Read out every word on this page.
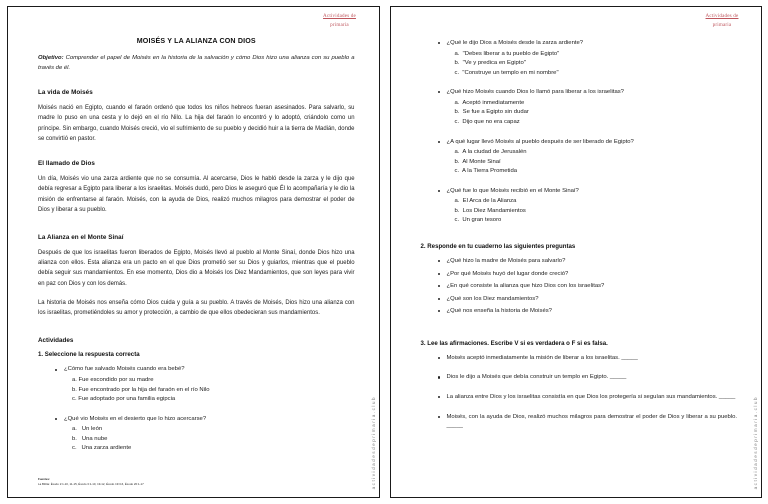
Actividades de
primaria
MOISÉS Y LA ALIANZA CON DIOS

Objetivo: Comprender el papel de Moisés en la historia de la salvación y cómo Dios hizo una alianza con su pueblo a través de él.

La vida de Moisés

Moisés nació en Egipto, cuando el faraón ordenó que todos los niños hebreos fueran asesinados. Para salvarlo, su madre lo puso en una cesta y lo dejó en el río Nilo. La hija del faraón lo encontró y lo adoptó, criándolo como un príncipe. Sin embargo, cuando Moisés creció, vio el sufrimiento de su pueblo y decidió huir a la tierra de Madián, donde se convirtió en pastor.

El llamado de Dios

Un día, Moisés vio una zarza ardiente que no se consumía. Al acercarse, Dios le habló desde la zarza y le dijo que debía regresar a Egipto para liberar a los israelitas. Moisés dudó, pero Dios le aseguró que Él lo acompañaría y le dio la misión de enfrentarse al faraón. Moisés, con la ayuda de Dios, realizó muchos milagros para demostrar el poder de Dios y liberar a su pueblo.

La Alianza en el Monte Sinaí

Después de que los israelitas fueron liberados de Egipto, Moisés llevó al pueblo al Monte Sinaí, donde Dios hizo una alianza con ellos. Esta alianza era un pacto en el que Dios prometió ser su Dios y guiarlos, mientras que el pueblo debía seguir sus mandamientos. En ese momento, Dios dio a Moisés los Diez Mandamientos, que son leyes para vivir en paz con Dios y con los demás.

La historia de Moisés nos enseña cómo Dios cuida y guía a su pueblo. A través de Moisés, Dios hizo una alianza con los israelitas, prometiéndoles su amor y protección, a cambio de que ellos obedecieran sus mandamientos.

Actividades
1. Seleccione la respuesta correcta
¿Cómo fue salvado Moisés cuando era bebé?
a. Fue escondido por su madre
b. Fue encontrado por la hija del faraón en el río Nilo
c. Fue adoptado por una familia egipcia
¿Qué vio Moisés en el desierto que lo hizo acercarse?
a.   Un león
b.   Una nube
c.   Una zarza ardiente
Fuentes:
La Biblia: Éxodo 2:1-10, 11-15, Éxodo 3:1-10, 19-12, Éxodo 19:3-6, Éxodo 20:1-17	actividadesdeprimaria.club
Actividades de
primaria
¿Qué le dijo Dios a Moisés desde la zarza ardiente?
a.  "Debes liberar a tu pueblo de Egipto"
b.  "Ve y predica en Egipto"
c.  "Construye un templo en mi nombre"
¿Qué hizo Moisés cuando Dios lo llamó para liberar a los israelitas?
a.  Aceptó inmediatamente
b.  Se fue a Egipto sin dudar
c.  Dijo que no era capaz
¿A qué lugar llevó Moisés al pueblo después de ser liberado de Egipto?
a.  A la ciudad de Jerusalén
b.  Al Monte Sinaí
c.  A la Tierra Prometida
¿Qué fue lo que Moisés recibió en el Monte Sinaí?
a.  El Arca de la Alianza
b.  Los Diez Mandamientos
c.  Un gran tesoro
2. Responde en tu cuaderno las siguientes preguntas
¿Qué hizo la madre de Moisés para salvarlo?
¿Por qué Moisés huyó del lugar donde creció?
¿En qué consiste la alianza que hizo Dios con los israelitas?
¿Qué son los Diez mandamientos?
¿Qué nos enseña la historia de Moisés?
3. Lee las afirmaciones. Escribe V si es verdadera o F si es falsa.
Moisés aceptó inmediatamente la misión de liberar a los israelitas. _____
Dios le dijo a Moisés que debía construir un templo en Egipto. _____
La alianza entre Dios y los israelitas consistía en que Dios los protegería si seguían sus mandamientos. _____
Moisés, con la ayuda de Dios, realizó muchos milagros para demostrar el poder de Dios y liberar a su pueblo. _____	actividadesdeprimaria.club
